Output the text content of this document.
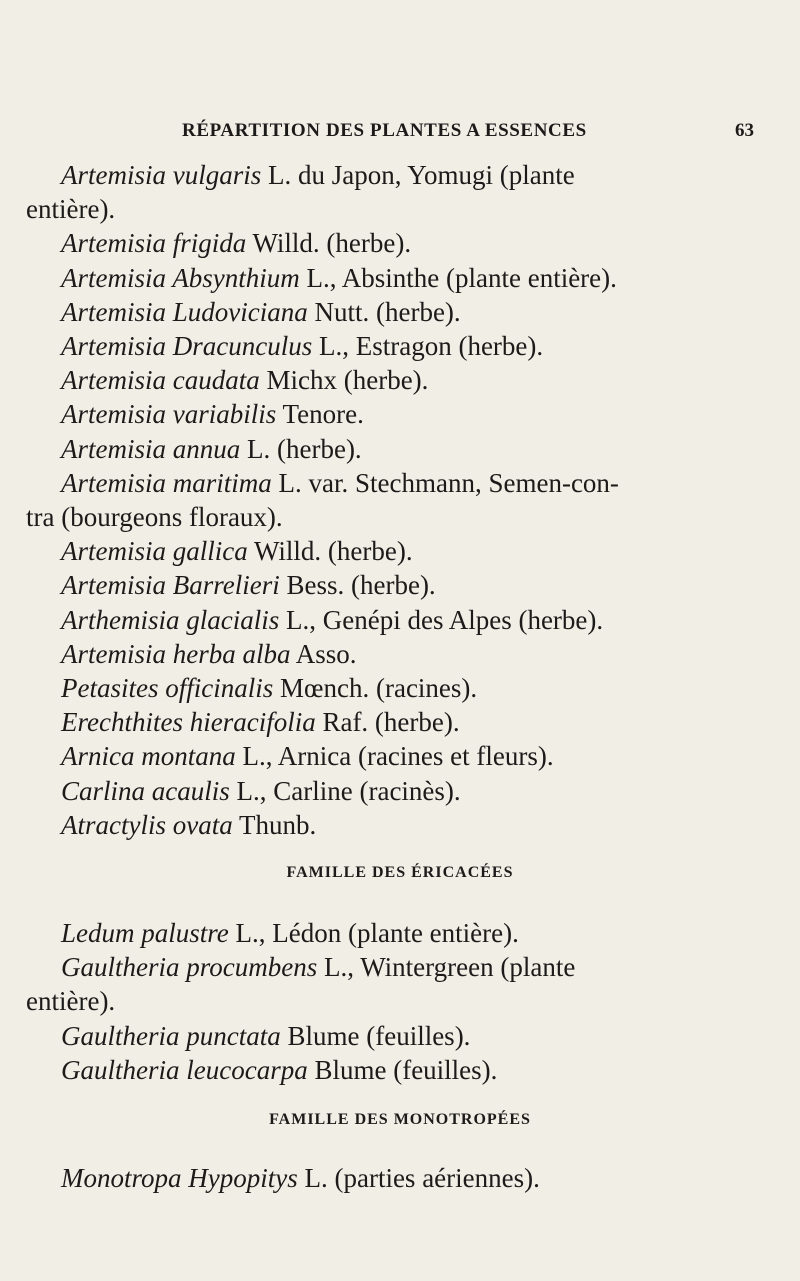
RÉPARTITION DES PLANTES A ESSENCES	63
Artemisia vulgaris L. du Japon, Yomugi (plante
entière).
Artemisia frigida Willd. (herbe).
Artemisia Absynthium L., Absinthe (plante entière).
Artemisia Ludoviciana Nutt. (herbe).
Artemisia Dracunculus L., Estragon (herbe).
Artemisia caudata Michx (herbe).
Artemisia variabilis Tenore.
Artemisia annua L. (herbe).
Artemisia maritima L. var. Stechmann, Semen-con-
tra (bourgeons floraux).
Artemisia gallica Willd. (herbe).
Artemisia Barrelieri Bess. (herbe).
Arthemisia glacialis L., Genépi des Alpes (herbe).
Artemisia herba alba Asso.
Petasites officinalis Mœnch. (racines).
Erechthites hieracifolia Raf. (herbe).
Arnica montana L., Arnica (racines et fleurs).
Carlina acaulis L., Carline (racinès).
Atractylis ovata Thunb.
FAMILLE DES ÉRICACÉES
Ledum palustre L., Lédon (plante entière).
Gaultheria procumbens L., Wintergreen (plante
entière).
Gaultheria punctata Blume (feuilles).
Gaultheria leucocarpa Blume (feuilles).
FAMILLE DES MONOTROPÉES
Monotropa Hypopitys L. (parties aériennes).
